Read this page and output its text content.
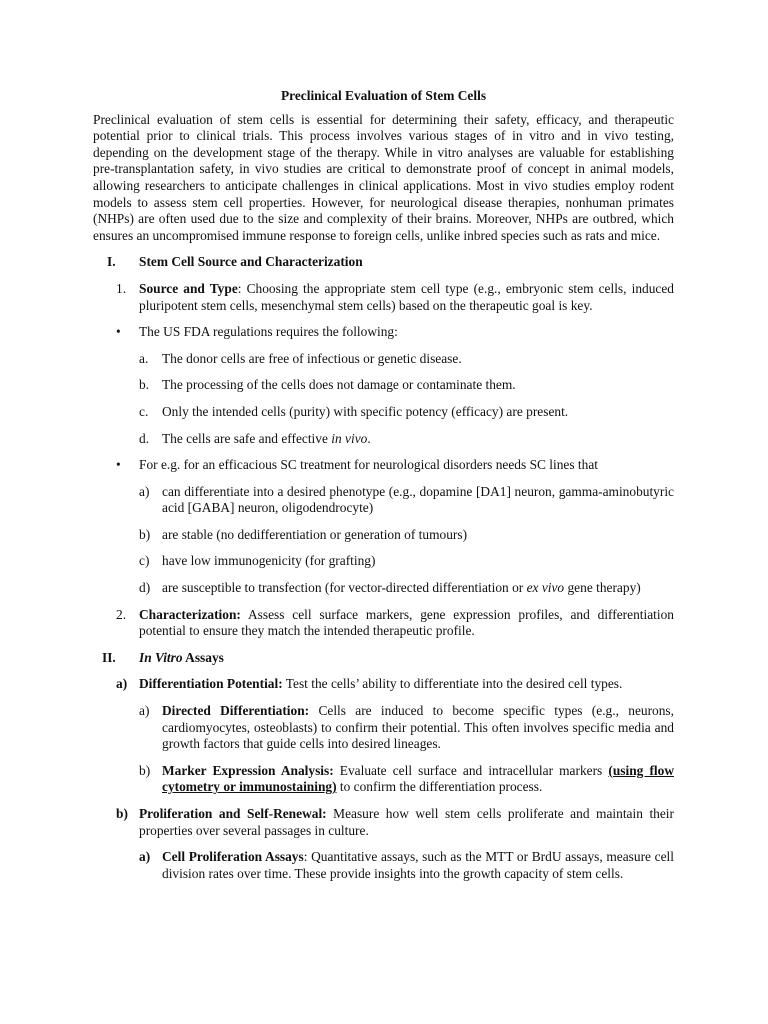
Preclinical Evaluation of Stem Cells
Preclinical evaluation of stem cells is essential for determining their safety, efficacy, and therapeutic potential prior to clinical trials. This process involves various stages of in vitro and in vivo testing, depending on the development stage of the therapy. While in vitro analyses are valuable for establishing pre-transplantation safety, in vivo studies are critical to demonstrate proof of concept in animal models, allowing researchers to anticipate challenges in clinical applications. Most in vivo studies employ rodent models to assess stem cell properties. However, for neurological disease therapies, nonhuman primates (NHPs) are often used due to the size and complexity of their brains. Moreover, NHPs are outbred, which ensures an uncompromised immune response to foreign cells, unlike inbred species such as rats and mice.
I. Stem Cell Source and Characterization
1. Source and Type: Choosing the appropriate stem cell type (e.g., embryonic stem cells, induced pluripotent stem cells, mesenchymal stem cells) based on the therapeutic goal is key.
• The US FDA regulations requires the following:
a. The donor cells are free of infectious or genetic disease.
b. The processing of the cells does not damage or contaminate them.
c. Only the intended cells (purity) with specific potency (efficacy) are present.
d. The cells are safe and effective in vivo.
• For e.g. for an efficacious SC treatment for neurological disorders needs SC lines that
a) can differentiate into a desired phenotype (e.g., dopamine [DA1] neuron, gamma-aminobutyric acid [GABA] neuron, oligodendrocyte)
b) are stable (no dedifferentiation or generation of tumours)
c) have low immunogenicity (for grafting)
d) are susceptible to transfection (for vector-directed differentiation or ex vivo gene therapy)
2. Characterization: Assess cell surface markers, gene expression profiles, and differentiation potential to ensure they match the intended therapeutic profile.
II. In Vitro Assays
a) Differentiation Potential: Test the cells’ ability to differentiate into the desired cell types.
a) Directed Differentiation: Cells are induced to become specific types (e.g., neurons, cardiomyocytes, osteoblasts) to confirm their potential. This often involves specific media and growth factors that guide cells into desired lineages.
b) Marker Expression Analysis: Evaluate cell surface and intracellular markers (using flow cytometry or immunostaining) to confirm the differentiation process.
b) Proliferation and Self-Renewal: Measure how well stem cells proliferate and maintain their properties over several passages in culture.
a) Cell Proliferation Assays: Quantitative assays, such as the MTT or BrdU assays, measure cell division rates over time. These provide insights into the growth capacity of stem cells.
